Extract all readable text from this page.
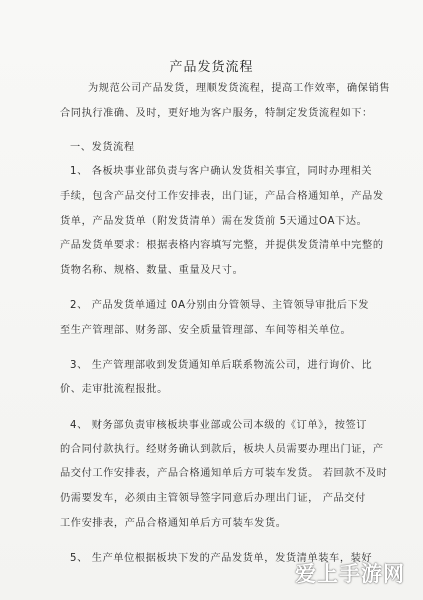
产品发货流程
为规范公司产品发货，理顺发货流程，提高工作效率，确保销售
合同执行准确、及时，更好地为客户服务，特制定发货流程如下：
一、发货流程
1、 各板块事业部负责与客户确认发货相关事宜，同时办理相关
手续，包含产品交付工作安排表，出门证，产品合格通知单，产品发
货单，产品发货单（附发货清单）需在发货前 5天通过OA下达。
产品发货单要求：根据表格内容填写完整，并提供发货清单中完整的
货物名称、规格、数量、重量及尺寸。
2、 产品发货单通过 0A分别由分管领导、主管领导审批后下发
至生产管理部、财务部、安全质量管理部、车间等相关单位。
3、 生产管理部收到发货通知单后联系物流公司，进行询价、比
价、走审批流程报批。
4、 财务部负责审核板块事业部或公司本级的《订单》，按签订
的合同付款执行。经财务确认到款后，板块人员需要办理出门证，产
品交付工作安排表，产品合格通知单后方可装车发货。 若回款不及时
仍需要发车，必须由主管领导签字同意后办理出门证， 产品交付
工作安排表，产品合格通知单后方可装车发货。
5、 生产单位根据板块下发的产品发货单，发货清单装车，装好
爱上手游网
